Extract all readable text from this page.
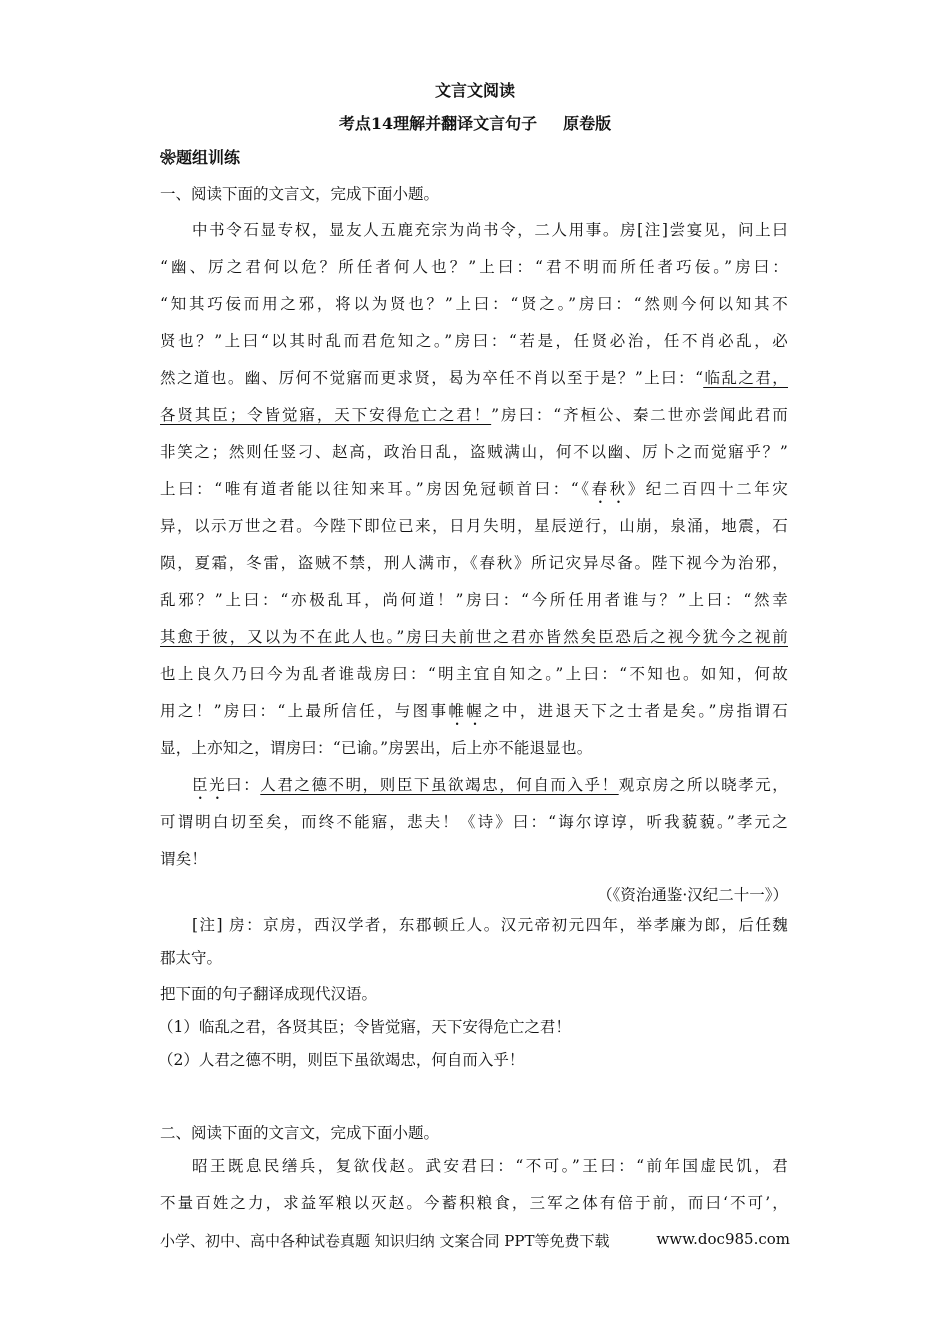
文言文阅读
考点14理解并翻译文言句子 原卷版
❀题组训练
一、阅读下面的文言文，完成下面小题。
中书令石显专权，显友人五鹿充宗为尚书令，二人用事。房[注]尝宴见，问上曰
“幽、厉之君何以危？所任者何人也？”上曰：“君不明而所任者巧佞。”房曰：
“知其巧佞而用之邪，将以为贤也？”上曰：“贤之。”房曰：“然则今何以知其不
贤也？”上曰“以其时乱而君危知之。”房曰：“若是，任贤必治，任不肖必乱，必
然之道也。幽、厉何不觉寤而更求贤，曷为卒任不肖以至于是？”上曰：“临乱之君，
各贤其臣；令皆觉寤，天下安得危亡之君！”房曰：“齐桓公、秦二世亦尝闻此君而
非笑之；然则任竖刁、赵高，政治日乱，盗贼满山，何不以幽、厉卜之而觉寤乎？”
上曰：“唯有道者能以往知来耳。”房因免冠顿首曰：“《春秋》纪二百四十二年灾
异，以示万世之君。今陛下即位已来，日月失明，星辰逆行，山崩，泉涌，地震，石
陨，夏霜，冬雷，盗贼不禁，刑人满市，《春秋》所记灾异尽备。陛下视今为治邪，
乱邪？”上曰：“亦极乱耳，尚何道！”房曰：“今所任用者谁与？”上曰：“然幸
其愈于彼，又以为不在此人也。”房曰夫前世之君亦皆然矣臣恐后之视今犹今之视前
也上良久乃曰今为乱者谁哉房曰：“明主宜自知之。”上曰：“不知也。如知，何故
用之！”房曰：“上最所信任，与图事帷幄之中，进退天下之士者是矣。”房指谓石
显，上亦知之，谓房曰：“已谕。”房罢出，后上亦不能退显也。
臣光曰：人君之德不明，则臣下虽欲竭忠，何自而入乎！观京房之所以晓孝元，
可谓明白切至矣，而终不能寤，悲夫！《诗》曰：“诲尔谆谆，听我藐藐。”孝元之
谓矣！
（《资治通鉴·汉纪二十一》）
[注] 房：京房，西汉学者，东郡顿丘人。汉元帝初元四年，举孝廉为郎，后任魏
郡太守。
把下面的句子翻译成现代汉语。
（1）临乱之君，各贤其臣；令皆觉寤，天下安得危亡之君！
（2）人君之德不明，则臣下虽欲竭忠，何自而入乎！
二、阅读下面的文言文，完成下面小题。
昭王既息民缮兵，复欲伐赵。武安君曰：“不可。”王曰：“前年国虚民饥，君
不量百姓之力，求益军粮以灭赵。今蓄积粮食，三军之体有倍于前，而曰‘不可’，
小学、初中、高中各种试卷真题 知识归纳 文案合同 PPT等免费下载	www.doc985.com
